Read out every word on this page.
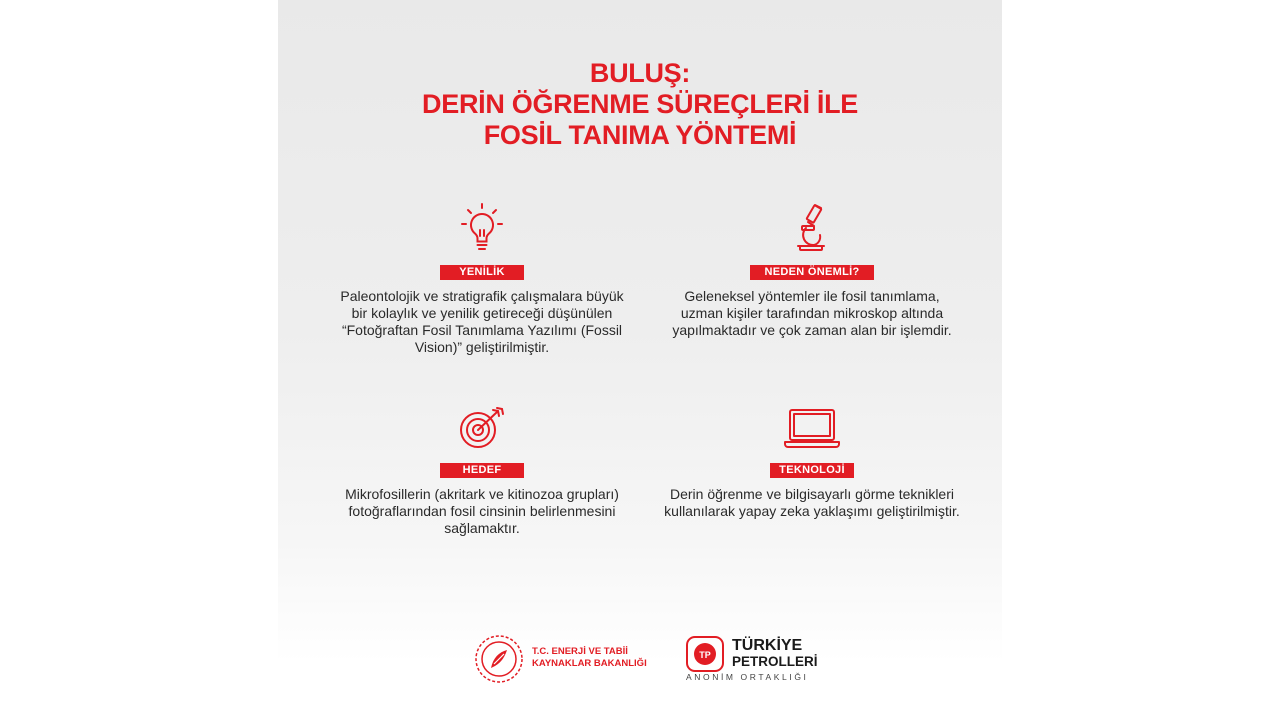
BULUŞ:
DERİN ÖĞRENME SÜREÇLERİ İLE
FOSİL TANIMA YÖNTEMİ
YENİLİK
Paleontolojik ve stratigrafik çalışmalara büyük bir kolaylık ve yenilik getireceği düşünülen “Fotoğraftan Fosil Tanımlama Yazılımı (Fossil Vision)” geliştirilmiştir.
NEDEN ÖNEMLİ?
Geleneksel yöntemler ile fosil tanımlama, uzman kişiler tarafından mikroskop altında yapılmaktadır ve çok zaman alan bir işlemdir.
HEDEF
Mikrofosillerin (akritark ve kitinozoa grupları) fotoğraflarından fosil cinsinin belirlenmesini sağlamaktır.
TEKNOLOJİ
Derin öğrenme ve bilgisayarlı görme teknikleri kullanılarak yapay zeka yaklaşımı geliştirilmiştir.
T.C. ENERJİ VE TABİİ
KAYNAKLAR BAKANLIĞI
TP
TÜRKİYE
PETROLLERİ
ANONİM ORTAKLIĞI
